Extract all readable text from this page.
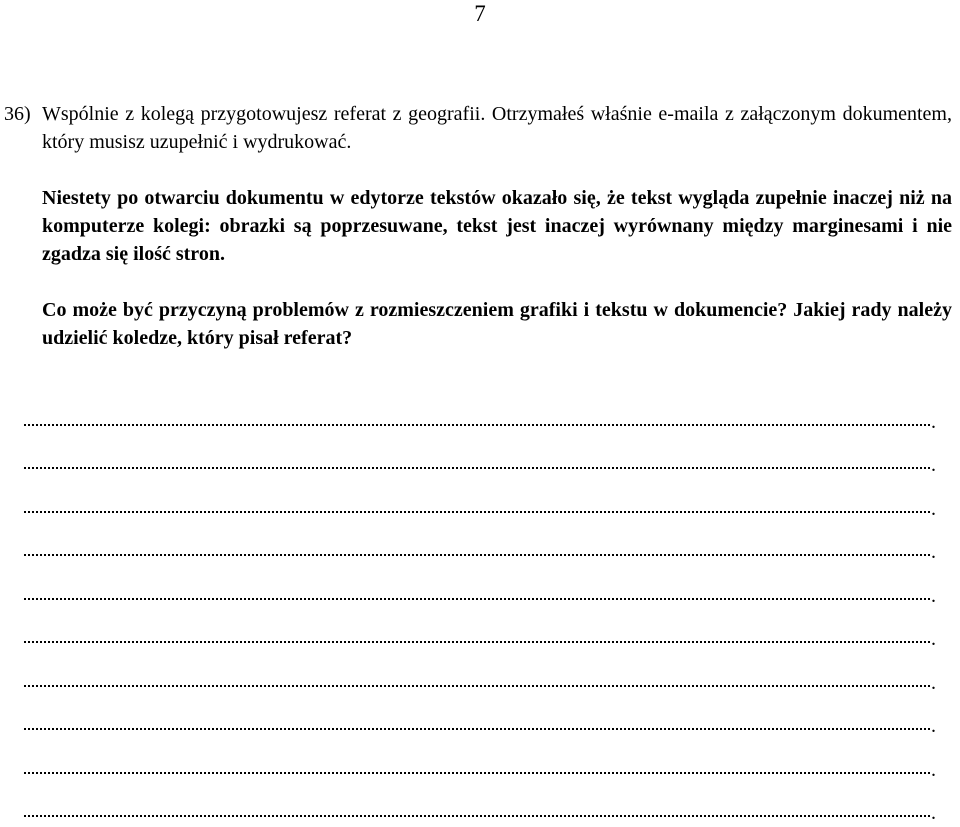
7
36) Wspólnie z kolegą przygotowujesz referat z geografii. Otrzymałeś właśnie e-maila z załączonym dokumentem, który musisz uzupełnić i wydrukować.
Niestety po otwarciu dokumentu w edytorze tekstów okazało się, że tekst wygląda zupełnie inaczej niż na komputerze kolegi: obrazki są poprzesuwane, tekst jest inaczej wyrównany między marginesami i nie zgadza się ilość stron.
Co może być przyczyną problemów z rozmieszczeniem grafiki i tekstu w dokumencie? Jakiej rady należy udzielić koledze, który pisał referat?
.
.
.
.
.
.
.
.
.
.
